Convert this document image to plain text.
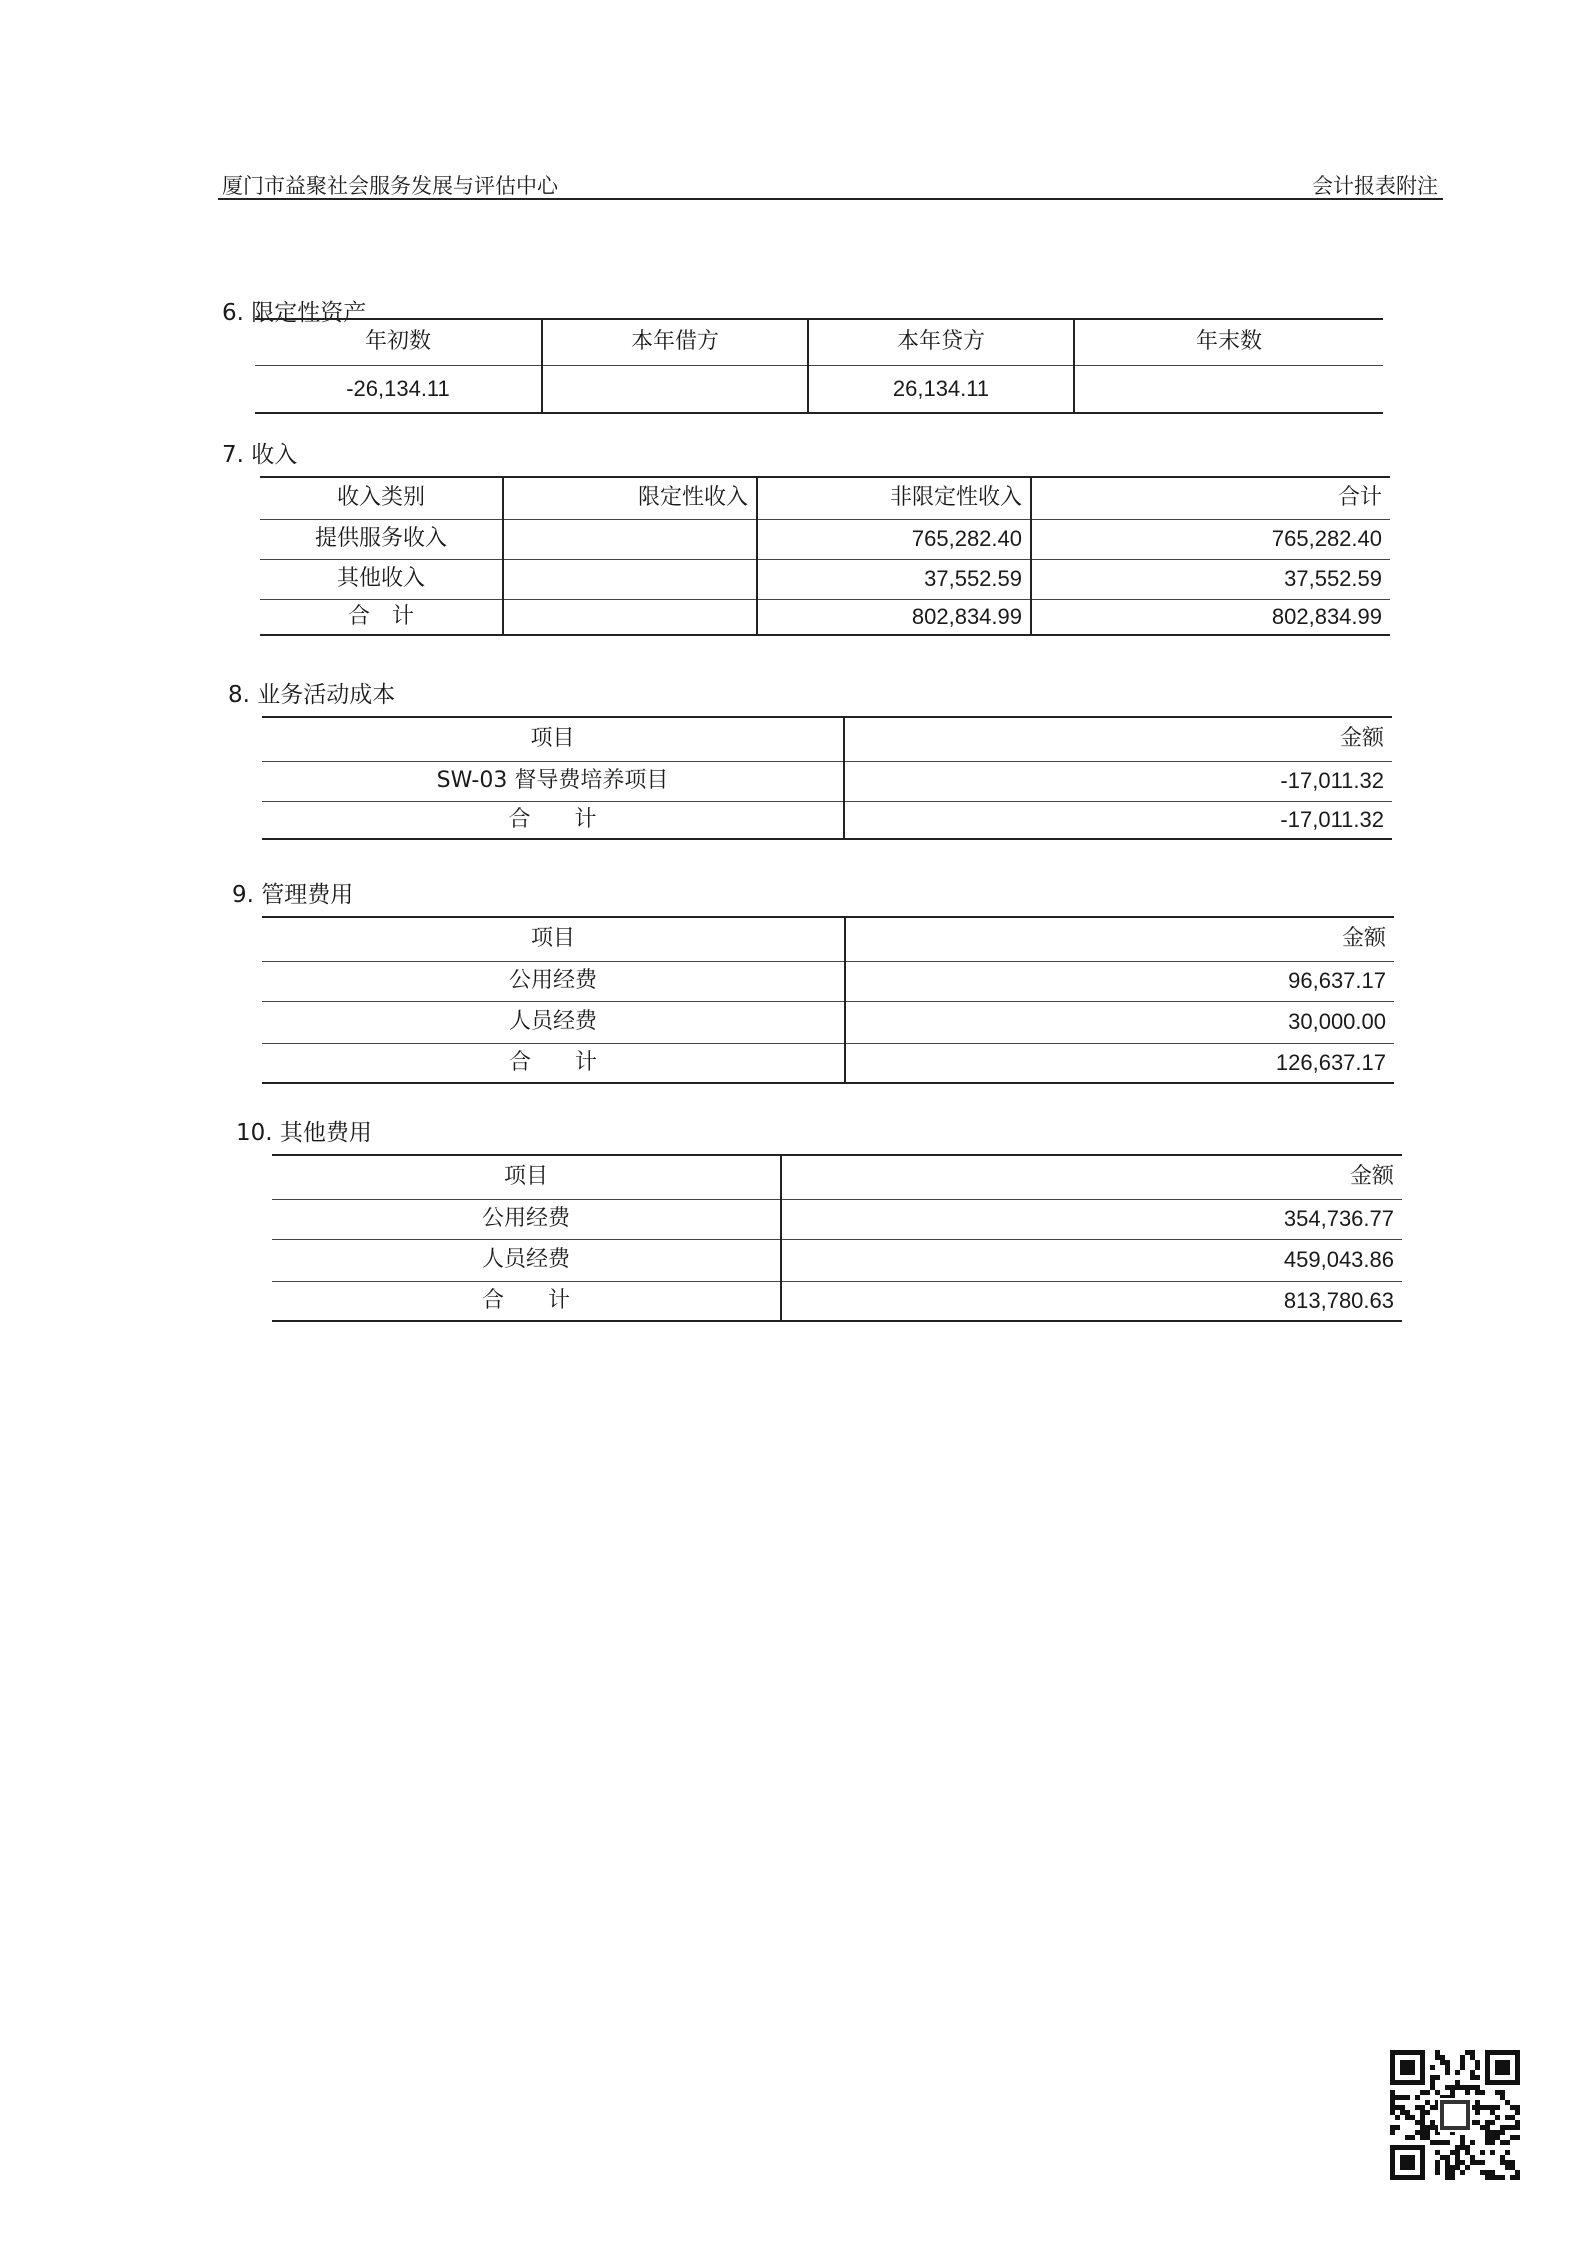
厦门市益聚社会服务发展与评估中心	会计报表附注
6. 限定性资产
年初数	本年借方	本年贷方	年末数
-26,134.11		26,134.11	
7. 收入
收入类别	限定性收入	非限定性收入	合计
提供服务收入		765,282.40	765,282.40
其他收入		37,552.59	37,552.59
合　计		802,834.99	802,834.99
8. 业务活动成本
项目	金额
SW-03 督导费培养项目	-17,011.32
合　　计	-17,011.32
9. 管理费用
项目	金额
公用经费	96,637.17
人员经费	30,000.00
合　　计	126,637.17
10. 其他费用
项目	金额
公用经费	354,736.77
人员经费	459,043.86
合　　计	813,780.63
